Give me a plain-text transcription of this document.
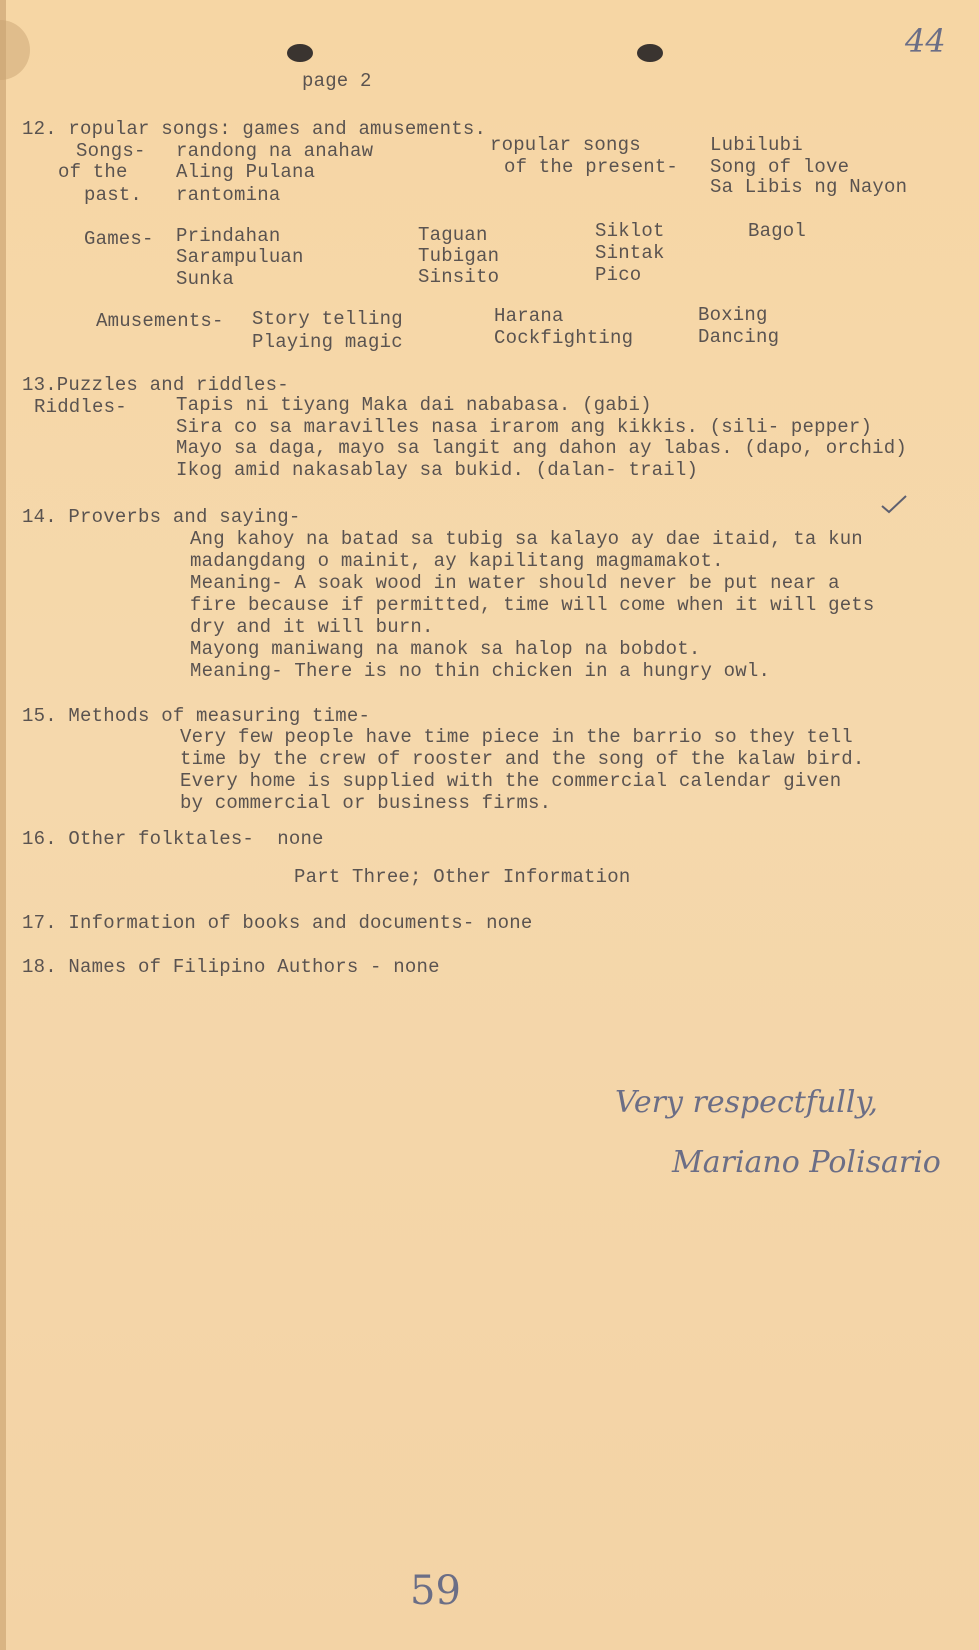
44
page 2
12. ropular songs: games and amusements.
Songs-
of the
past.
randong na anahaw
Aling Pulana
rantomina
ropular songs
of the present-
Lubilubi
Song of love
Sa Libis ng Nayon
Games- Prindahan
Sarampuluan
Sunka
Taguan
Tubigan
Sinsito
Siklot
Sintak
Pico
Bagol
Amusements- Story telling
Playing magic
Harana
Cockfighting
Boxing
Dancing
13.Puzzles and riddles-
Riddles-	Tapis ni tiyang Maka dai nababasa. (gabi)
Sira co sa maravilles nasa irarom ang kikkis. (sili- pepper)
Mayo sa daga, mayo sa langit ang dahon ay labas. (dapo, orchid)
Ikog amid nakasablay sa bukid. (dalan- trail)
14. Proverbs and saying-
Ang kahoy na batad sa tubig sa kalayo ay dae itaid, ta kun
madangdang o mainit, ay kapilitang magmamakot.
Meaning- A soak wood in water should never be put near a
fire because if permitted, time will come when it will gets
dry and it will burn.
Mayong maniwang na manok sa halop na bobdot.
Meaning- There is no thin chicken in a hungry owl.
15. Methods of measuring time-
Very few people have time piece in the barrio so they tell
time by the crew of rooster and the song of the kalaw bird.
Every home is supplied with the commercial calendar given
by commercial or business firms.
16. Other folktales-  none
Part Three; Other Information
17. Information of books and documents- none
18. Names of Filipino Authors - none
Very respectfully,
Mariano Polisario
59
